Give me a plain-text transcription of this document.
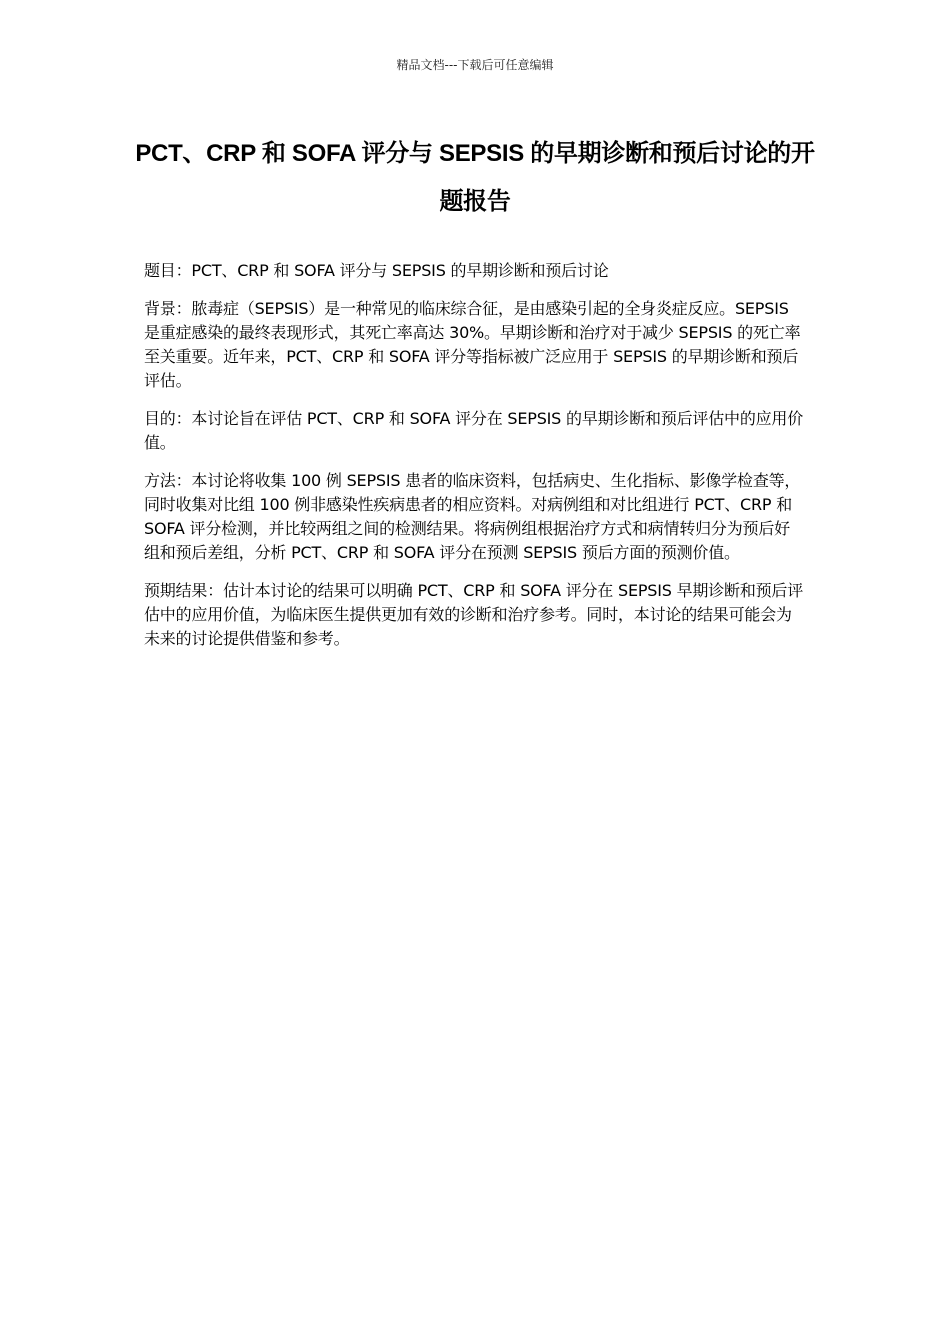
精品文档---下载后可任意编辑
PCT、CRP 和 SOFA 评分与 SEPSIS 的早期诊断和预后讨论的开题报告

题目：PCT、CRP 和 SOFA 评分与 SEPSIS 的早期诊断和预后讨论

背景：脓毒症（SEPSIS）是一种常见的临床综合征，是由感染引起的全身炎症反应。SEPSIS 是重症感染的最终表现形式，其死亡率高达 30%。早期诊断和治疗对于减少 SEPSIS 的死亡率至关重要。近年来，PCT、CRP 和 SOFA 评分等指标被广泛应用于 SEPSIS 的早期诊断和预后评估。

目的：本讨论旨在评估 PCT、CRP 和 SOFA 评分在 SEPSIS 的早期诊断和预后评估中的应用价值。

方法：本讨论将收集 100 例 SEPSIS 患者的临床资料，包括病史、生化指标、影像学检查等，同时收集对比组 100 例非感染性疾病患者的相应资料。对病例组和对比组进行 PCT、CRP 和 SOFA 评分检测，并比较两组之间的检测结果。将病例组根据治疗方式和病情转归分为预后好组和预后差组，分析 PCT、CRP 和 SOFA 评分在预测 SEPSIS 预后方面的预测价值。

预期结果：估计本讨论的结果可以明确 PCT、CRP 和 SOFA 评分在 SEPSIS 早期诊断和预后评估中的应用价值，为临床医生提供更加有效的诊断和治疗参考。同时，本讨论的结果可能会为未来的讨论提供借鉴和参考。
